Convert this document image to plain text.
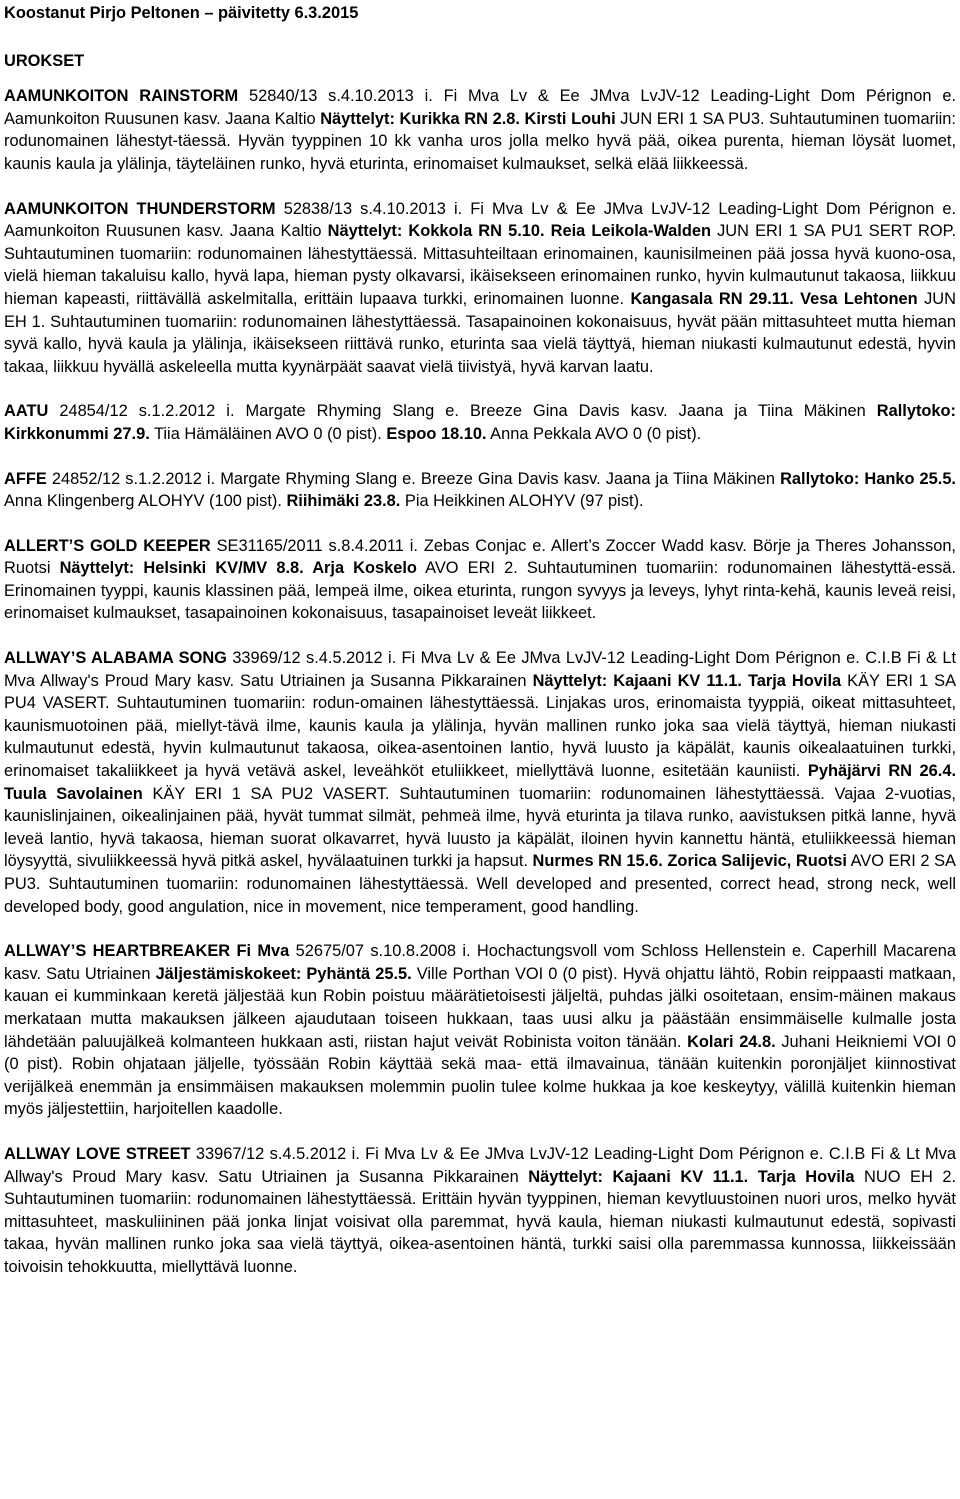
Koostanut Pirjo Peltonen – päivitetty 6.3.2015
UROKSET

AAMUNKOITON RAINSTORM 52840/13 s.4.10.2013 i. Fi Mva Lv & Ee JMva LvJV-12 Leading-Light Dom Pérignon e. Aamunkoiton Ruusunen kasv. Jaana Kaltio Näyttelyt: Kurikka RN 2.8. Kirsti Louhi JUN ERI 1 SA PU3. Suhtautuminen tuomariin: rodunomainen lähestyt-täessä. Hyvän tyyppinen 10 kk vanha uros jolla melko hyvä pää, oikea purenta, hieman löysät luomet, kaunis kaula ja ylälinja, täyteläinen runko, hyvä eturinta, erinomaiset kulmaukset, selkä elää liikkeessä.

AAMUNKOITON THUNDERSTORM 52838/13 s.4.10.2013 i. Fi Mva Lv & Ee JMva LvJV-12 Leading-Light Dom Pérignon e. Aamunkoiton Ruusunen kasv. Jaana Kaltio Näyttelyt: Kokkola RN 5.10. Reia Leikola-Walden JUN ERI 1 SA PU1 SERT ROP. Suhtautuminen tuomariin: rodunomainen lähestyttäessä. Mittasuhteiltaan erinomainen, kaunisilmeinen pää jossa hyvä kuono-osa, vielä hieman takaluisu kallo, hyvä lapa, hieman pysty olkavarsi, ikäisekseen erinomainen runko, hyvin kulmautunut takaosa, liikkuu hieman kapeasti, riittävällä askelmitalla, erittäin lupaava turkki, erinomainen luonne. Kangasala RN 29.11. Vesa Lehtonen JUN EH 1. Suhtautuminen tuomariin: rodunomainen lähestyttäessä. Tasapainoinen kokonaisuus, hyvät pään mittasuhteet mutta hieman syvä kallo, hyvä kaula ja ylälinja, ikäisekseen riittävä runko, eturinta saa vielä täyttyä, hieman niukasti kulmautunut edestä, hyvin takaa, liikkuu hyvällä askeleella mutta kyynärpäät saavat vielä tiivistyä, hyvä karvan laatu.

AATU 24854/12 s.1.2.2012 i. Margate Rhyming Slang e. Breeze Gina Davis kasv. Jaana ja Tiina Mäkinen Rallytoko: Kirkkonummi 27.9. Tiia Hämäläinen AVO 0 (0 pist). Espoo 18.10. Anna Pekkala AVO 0 (0 pist).

AFFE 24852/12 s.1.2.2012 i. Margate Rhyming Slang e. Breeze Gina Davis kasv. Jaana ja Tiina Mäkinen Rallytoko: Hanko 25.5. Anna Klingenberg ALOHYV (100 pist). Riihimäki 23.8. Pia Heikkinen ALOHYV (97 pist).

ALLERT’S GOLD KEEPER SE31165/2011 s.8.4.2011 i. Zebas Conjac e. Allert’s Zoccer Wadd kasv. Börje ja Theres Johansson, Ruotsi Näyttelyt: Helsinki KV/MV 8.8. Arja Koskelo AVO ERI 2. Suhtautuminen tuomariin: rodunomainen lähestyttä-essä. Erinomainen tyyppi, kaunis klassinen pää, lempeä ilme, oikea eturinta, rungon syvyys ja leveys, lyhyt rinta-kehä, kaunis leveä reisi, erinomaiset kulmaukset, tasapainoinen kokonaisuus, tasapainoiset leveät liikkeet.

ALLWAY’S ALABAMA SONG 33969/12 s.4.5.2012 i. Fi Mva Lv & Ee JMva LvJV-12 Leading-Light Dom Pérignon e. C.I.B Fi & Lt Mva Allway's Proud Mary kasv. Satu Utriainen ja Susanna Pikkarainen Näyttelyt: Kajaani KV 11.1. Tarja Hovila KÄY ERI 1 SA PU4 VASERT. Suhtautuminen tuomariin: rodun-omainen lähestyttäessä. Linjakas uros, erinomaista tyyppiä, oikeat mittasuhteet, kaunismuotoinen pää, miellyt-tävä ilme, kaunis kaula ja ylälinja, hyvän mallinen runko joka saa vielä täyttyä, hieman niukasti kulmautunut edestä, hyvin kulmautunut takaosa, oikea-asentoinen lantio, hyvä luusto ja käpälät, kaunis oikealaatuinen turkki, erinomaiset takaliikkeet ja hyvä vetävä askel, leveähköt etuliikkeet, miellyttävä luonne, esitetään kauniisti. Pyhäjärvi RN 26.4. Tuula Savolainen KÄY ERI 1 SA PU2 VASERT. Suhtautuminen tuomariin: rodunomainen lähestyttäessä. Vajaa 2-vuotias, kaunislinjainen, oikealinjainen pää, hyvät tummat silmät, pehmeä ilme, hyvä eturinta ja tilava runko, aavistuksen pitkä lanne, hyvä leveä lantio, hyvä takaosa, hieman suorat olkavarret, hyvä luusto ja käpälät, iloinen hyvin kannettu häntä, etuliikkeessä hieman löysyyttä, sivuliikkeessä hyvä pitkä askel, hyvälaatuinen turkki ja hapsut. Nurmes RN 15.6. Zorica Salijevic, Ruotsi AVO ERI 2 SA PU3. Suhtautuminen tuomariin: rodunomainen lähestyttäessä. Well developed and presented, correct head, strong neck, well developed body, good angulation, nice in movement, nice temperament, good handling.

ALLWAY’S HEARTBREAKER Fi Mva 52675/07 s.10.8.2008 i. Hochactungsvoll vom Schloss Hellenstein e. Caperhill Macarena kasv. Satu Utriainen Jäljestämiskokeet: Pyhäntä 25.5. Ville Porthan VOI 0 (0 pist). Hyvä ohjattu lähtö, Robin reippaasti matkaan, kauan ei kumminkaan keretä jäljestää kun Robin poistuu määrätietoisesti jäljeltä, puhdas jälki osoitetaan, ensim-mäinen makaus merkataan mutta makauksen jälkeen ajaudutaan toiseen hukkaan, taas uusi alku ja päästään ensimmäiselle kulmalle josta lähdetään paluujälkeä kolmanteen hukkaan asti, riistan hajut veivät Robinista voiton tänään. Kolari 24.8. Juhani Heikniemi VOI 0 (0 pist). Robin ohjataan jäljelle, työssään Robin käyttää sekä maa- että ilmavainua, tänään kuitenkin poronjäljet kiinnostivat verijälkeä enemmän ja ensimmäisen makauksen molemmin puolin tulee kolme hukkaa ja koe keskeytyy, välillä kuitenkin hieman myös jäljestettiin, harjoitellen kaadolle.

ALLWAY LOVE STREET 33967/12 s.4.5.2012 i. Fi Mva Lv & Ee JMva LvJV-12 Leading-Light Dom Pérignon e. C.I.B Fi & Lt Mva Allway's Proud Mary kasv. Satu Utriainen ja Susanna Pikkarainen Näyttelyt: Kajaani KV 11.1. Tarja Hovila NUO EH 2. Suhtautuminen tuomariin: rodunomainen lähestyttäessä. Erittäin hyvän tyyppinen, hieman kevytluustoinen nuori uros, melko hyvät mittasuhteet, maskuliininen pää jonka linjat voisivat olla paremmat, hyvä kaula, hieman niukasti kulmautunut edestä, sopivasti takaa, hyvän mallinen runko joka saa vielä täyttyä, oikea-asentoinen häntä, turkki saisi olla paremmassa kunnossa, liikkeissään toivoisin tehokkuutta, miellyttävä luonne.
